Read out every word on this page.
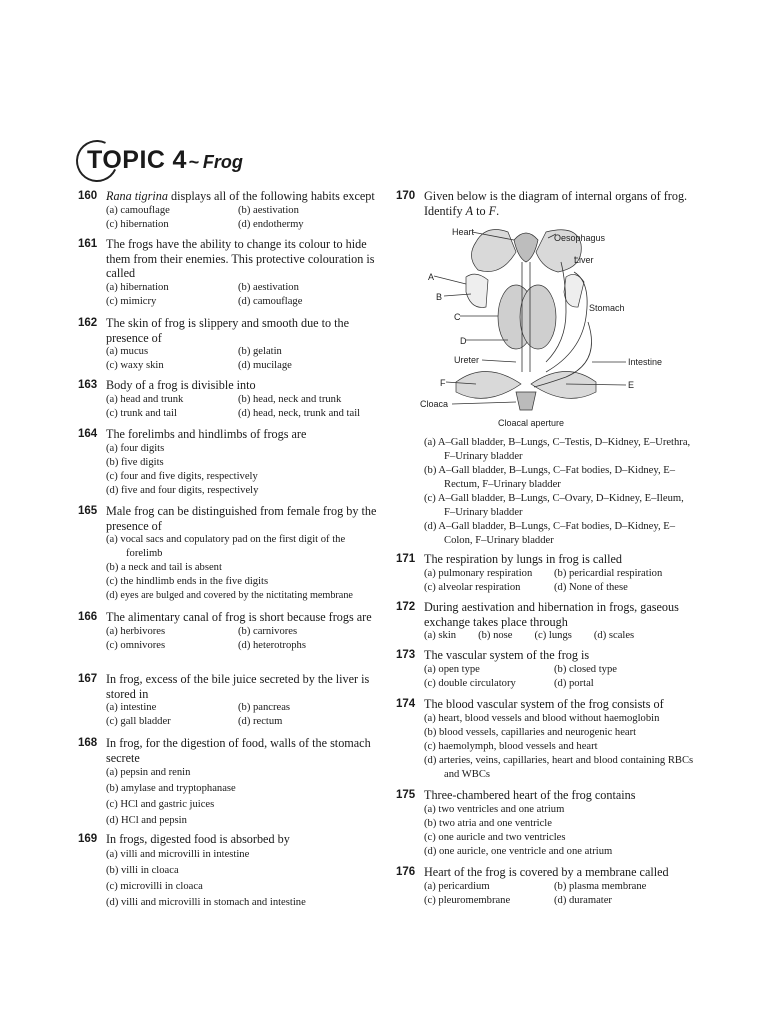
TOPIC 4 ~ Frog
160 Rana tigrina displays all of the following habits except
(a) camouflage	(b) aestivation
(c) hibernation	(d) endothermy
161 The frogs have the ability to change its colour to hide them from their enemies. This protective colouration is called
(a) hibernation	(b) aestivation
(c) mimicry	(d) camouflage
162 The skin of frog is slippery and smooth due to the presence of
(a) mucus	(b) gelatin
(c) waxy skin	(d) mucilage
163 Body of a frog is divisible into
(a) head and trunk	(b) head, neck and trunk
(c) trunk and tail	(d) head, neck, trunk and tail
164 The forelimbs and hindlimbs of frogs are
(a) four digits
(b) five digits
(c) four and five digits, respectively
(d) five and four digits, respectively
165 Male frog can be distinguished from female frog by the presence of
(a) vocal sacs and copulatory pad on the first digit of the forelimb
(b) a neck and tail is absent
(c) the hindlimb ends in the five digits
(d) eyes are bulged and covered by the nictitating membrane
166 The alimentary canal of frog is short because frogs are
(a) herbivores	(b) carnivores
(c) omnivores	(d) heterotrophs
167 In frog, excess of the bile juice secreted by the liver is stored in
(a) intestine	(b) pancreas
(c) gall bladder	(d) rectum
168 In frog, for the digestion of food, walls of the stomach secrete
(a) pepsin and renin
(b) amylase and tryptophanase
(c) HCl and gastric juices
(d) HCl and pepsin
169 In frogs, digested food is absorbed by
(a) villi and microvilli in intestine
(b) villi in cloaca
(c) microvilli in cloaca
(d) villi and microvilli in stomach and intestine
170 Given below is the diagram of internal organs of frog. Identify A to F.
Heart
Oesophagus
Liver
A
B
C
D
Stomach
Ureter	Intestine
F	E
Cloaca
Cloacal aperture
(a) A–Gall bladder, B–Lungs, C–Testis, D–Kidney, E–Urethra, F–Urinary bladder
(b) A–Gall bladder, B–Lungs, C–Fat bodies, D–Kidney, E–Rectum, F–Urinary bladder
(c) A–Gall bladder, B–Lungs, C–Ovary, D–Kidney, E–Ileum, F–Urinary bladder
(d) A–Gall bladder, B–Lungs, C–Fat bodies, D–Kidney, E–Colon, F–Urinary bladder
171 The respiration by lungs in frog is called
(a) pulmonary respiration	(b) pericardial respiration
(c) alveolar respiration	(d) None of these
172 During aestivation and hibernation in frogs, gaseous exchange takes place through
(a) skin (b) nose (c) lungs (d) scales
173 The vascular system of the frog is
(a) open type	(b) closed type
(c) double circulatory	(d) portal
174 The blood vascular system of the frog consists of
(a) heart, blood vessels and blood without haemoglobin
(b) blood vessels, capillaries and neurogenic heart
(c) haemolymph, blood vessels and heart
(d) arteries, veins, capillaries, heart and blood containing RBCs and WBCs
175 Three-chambered heart of the frog contains
(a) two ventricles and one atrium
(b) two atria and one ventricle
(c) one auricle and two ventricles
(d) one auricle, one ventricle and one atrium
176 Heart of the frog is covered by a membrane called
(a) pericardium	(b) plasma membrane
(c) pleuromembrane	(d) duramater
